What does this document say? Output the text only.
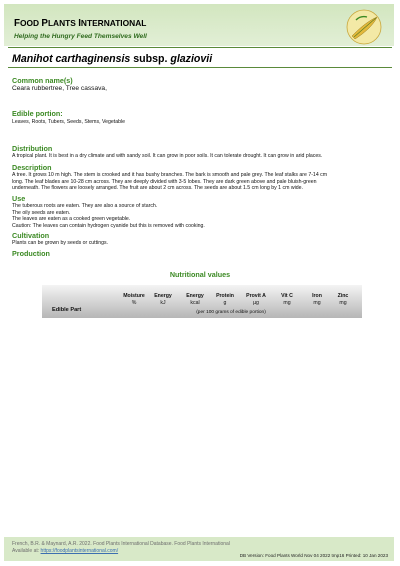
FOOD PLANTS INTERNATIONAL
Helping the Hungry Feed Themselves Well
Manihot carthaginensis subsp. glaziovii
Common name(s)
Ceara rubbertree, Tree cassava,
Edible portion:
Leaves, Roots, Tubers, Seeds, Stems, Vegetable
Distribution
A tropical plant. It is best in a dry climate and with sandy soil. It can grow in poor soils. It can tolerate drought. It can grow in arid places.
Description
A tree. It grows 10 m high. The stem is crooked and it has bushy branches. The bark is smooth and pale grey. The leaf stalks are 7-14 cm
long. The leaf blades are 10-28 cm across. They are deeply divided with 3-5 lobes. They are dark green above and pale bluish-green
underneath. The flowers are loosely arranged. The fruit are about 2 cm across. The seeds are about 1.5 cm long by 1 cm wide.
Use
The tuberous roots are eaten. They are also a source of starch.
The oily seeds are eaten.
The leaves are eaten as a cooked green vegetable.
Caution: The leaves can contain hydrogen cyanide but this is removed with cooking.
Cultivation
Plants can be grown by seeds or cuttings.
Production
Nutritional values
Moisture
%
Energy
kJ
Energy
kcal
Protein
g
Provit A
µg
Vit C
mg
Iron
mg
Zinc
mg
Edible Part	(per 100 grams of edible portion)
French, B.R. & Maynard, A.R. 2022. Food Plants International Database. Food Plants International
Available at: https://foodplantsinternational.com/
DB Version: Food Plants World Nov 04 2022 tmp16 Printed: 10 Jan 2023
